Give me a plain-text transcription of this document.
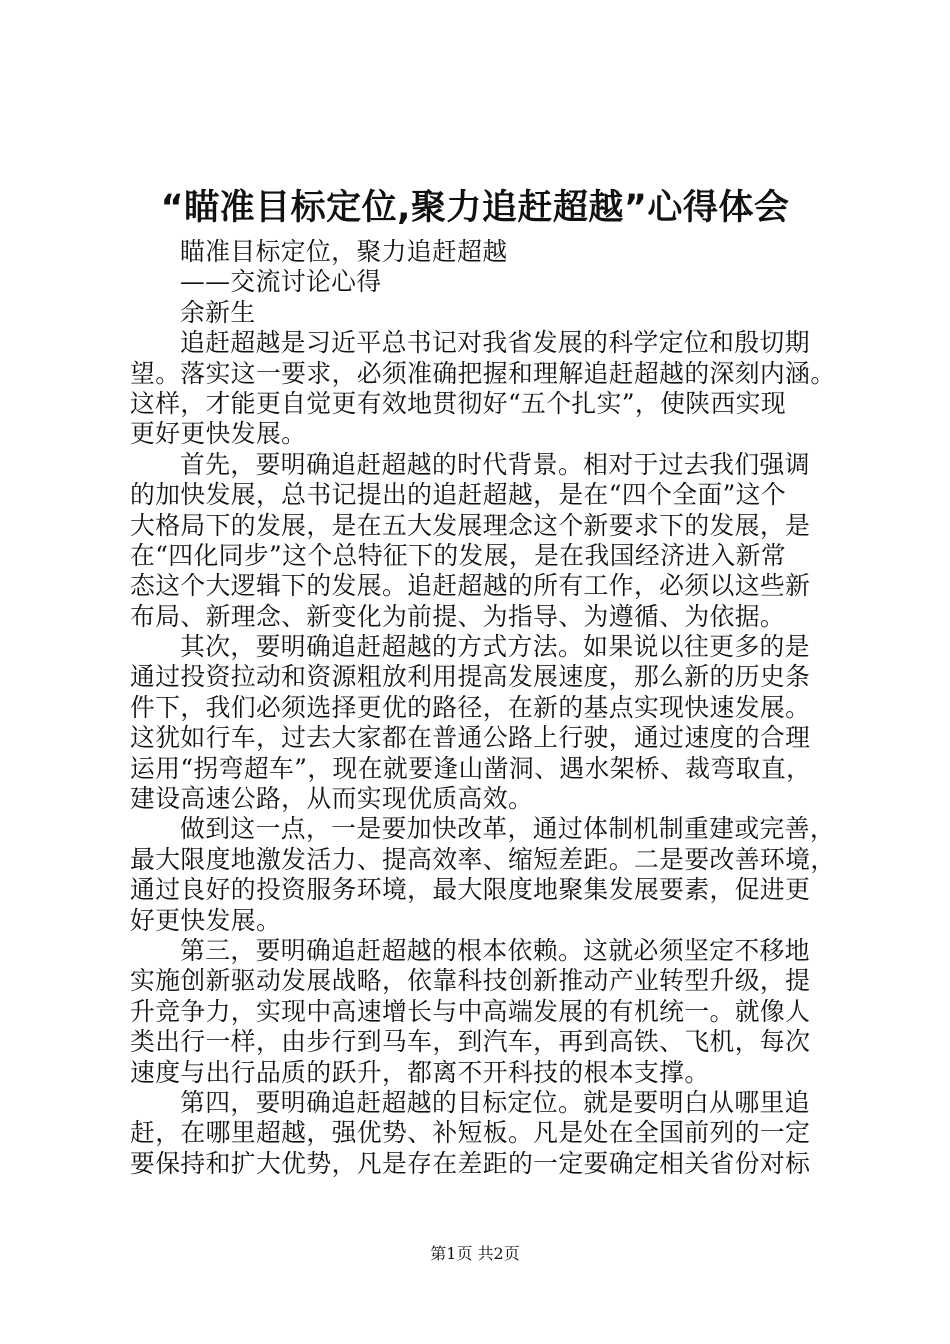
“瞄准目标定位,聚力追赶超越”心得体会
瞄准目标定位，聚力追赶超越
——交流讨论心得
余新生
追赶超越是习近平总书记对我省发展的科学定位和殷切期
望。落实这一要求，必须准确把握和理解追赶超越的深刻内涵。
这样，才能更自觉更有效地贯彻好“五个扎实”，使陕西实现
更好更快发展。
首先，要明确追赶超越的时代背景。相对于过去我们强调
的加快发展，总书记提出的追赶超越，是在“四个全面”这个
大格局下的发展，是在五大发展理念这个新要求下的发展，是
在“四化同步”这个总特征下的发展，是在我国经济进入新常
态这个大逻辑下的发展。追赶超越的所有工作，必须以这些新
布局、新理念、新变化为前提、为指导、为遵循、为依据。
其次，要明确追赶超越的方式方法。如果说以往更多的是
通过投资拉动和资源粗放利用提高发展速度，那么新的历史条
件下，我们必须选择更优的路径，在新的基点实现快速发展。
这犹如行车，过去大家都在普通公路上行驶，通过速度的合理
运用“拐弯超车”，现在就要逢山凿洞、遇水架桥、裁弯取直，
建设高速公路，从而实现优质高效。
做到这一点，一是要加快改革，通过体制机制重建或完善，
最大限度地激发活力、提高效率、缩短差距。二是要改善环境，
通过良好的投资服务环境，最大限度地聚集发展要素，促进更
好更快发展。
第三，要明确追赶超越的根本依赖。这就必须坚定不移地
实施创新驱动发展战略，依靠科技创新推动产业转型升级，提
升竞争力，实现中高速增长与中高端发展的有机统一。就像人
类出行一样，由步行到马车，到汽车，再到高铁、飞机，每次
速度与出行品质的跃升，都离不开科技的根本支撑。
第四，要明确追赶超越的目标定位。就是要明白从哪里追
赶，在哪里超越，强优势、补短板。凡是处在全国前列的一定
要保持和扩大优势，凡是存在差距的一定要确定相关省份对标
第1页 共2页
